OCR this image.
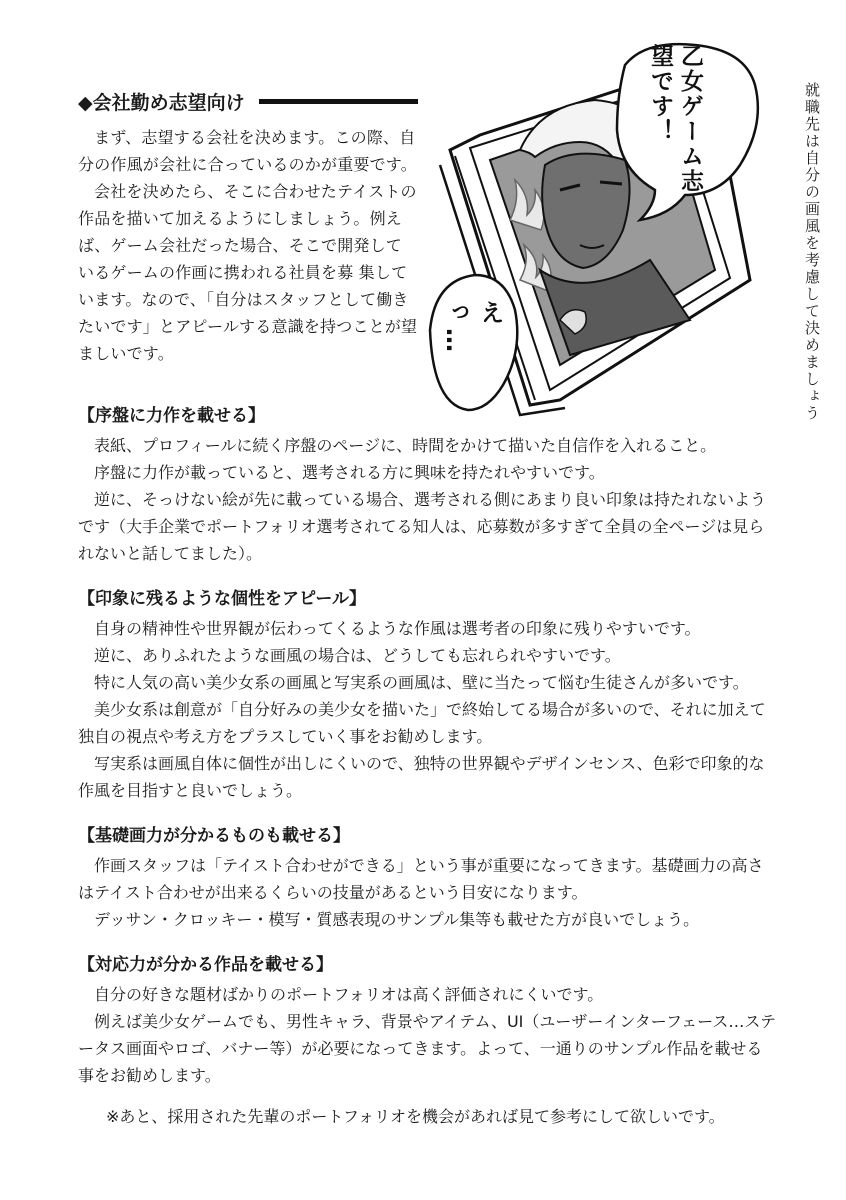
◆会社勤め志望向け

まず、志望する会社を決めます。この際、自分の作風が会社に合っているのかが重要です。

会社を決めたら、そこに合わせたテイストの作品を描いて加えるようにしましょう。例えば、ゲーム会社だった場合、そこで開発しているゲームの作画に携われる社員を募 集しています。なので、「自分はスタッフとして働きたいです」とアピールする意識を持つことが望ましいです。

乙女ゲーム志望です！
えっ…	就職先は自分の画風を考慮して決めましょう
【序盤に力作を載せる】

表紙、プロフィールに続く序盤のページに、時間をかけて描いた自信作を入れること。

序盤に力作が載っていると、選考される方に興味を持たれやすいです。

逆に、そっけない絵が先に載っている場合、選考される側にあまり良い印象は持たれないようです（大手企業でポートフォリオ選考されてる知人は、応募数が多すぎて全員の全ページは見られないと話してました）。

【印象に残るような個性をアピール】

自身の精神性や世界観が伝わってくるような作風は選考者の印象に残りやすいです。

逆に、ありふれたような画風の場合は、どうしても忘れられやすいです。

特に人気の高い美少女系の画風と写実系の画風は、壁に当たって悩む生徒さんが多いです。

美少女系は創意が「自分好みの美少女を描いた」で終始してる場合が多いので、それに加えて独自の視点や考え方をプラスしていく事をお勧めします。

写実系は画風自体に個性が出しにくいので、独特の世界観やデザインセンス、色彩で印象的な作風を目指すと良いでしょう。

【基礎画力が分かるものも載せる】

作画スタッフは「テイスト合わせができる」という事が重要になってきます。基礎画力の高さはテイスト合わせが出来るくらいの技量があるという目安になります。

デッサン・クロッキー・模写・質感表現のサンプル集等も載せた方が良いでしょう。

【対応力が分かる作品を載せる】

自分の好きな題材ばかりのポートフォリオは高く評価されにくいです。

例えば美少女ゲームでも、男性キャラ、背景やアイテム、UI（ユーザーインターフェース…ステータス画面やロゴ、バナー等）が必要になってきます。よって、一通りのサンプル作品を載せる事をお勧めします。

※あと、採用された先輩のポートフォリオを機会があれば見て参考にして欲しいです。
